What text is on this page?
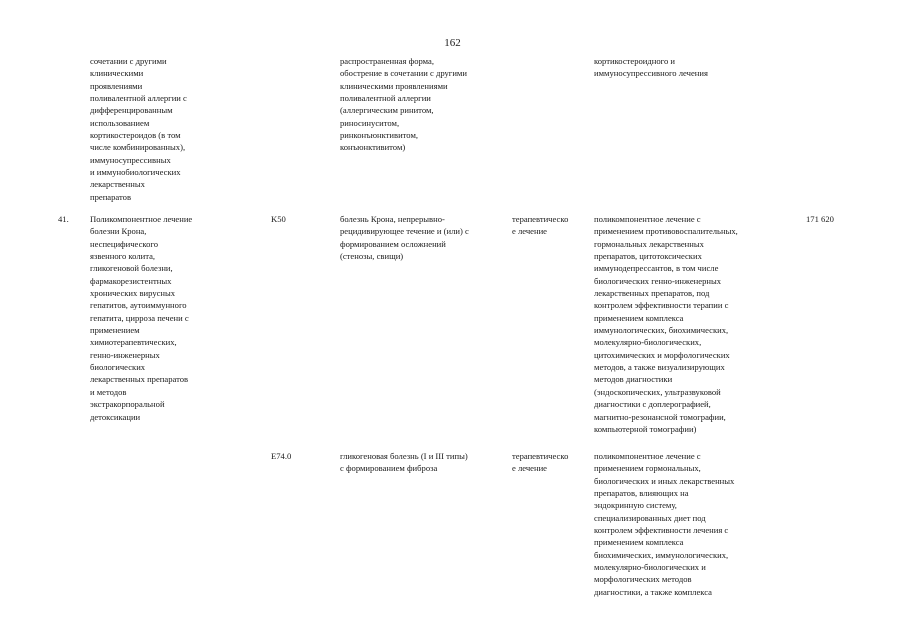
162
сочетании с другими
клиническими
проявлениями
поливалентной аллергии с
дифференцированным
использованием
кортикостероидов (в том
числе комбинированных),
иммуносупрессивных
и иммунобиологических
лекарственных
препаратов
распространенная форма,
обострение в сочетании с другими
клиническими проявлениями
поливалентной аллергии
(аллергическим ринитом,
риносинуситом,
ринконъюнктивитом,
конъюнктивитом)
кортикостероидного и
иммуносупрессивного лечения
41. Поликомпонентное лечение
болезни Крона,
неспецифического
язвенного колита,
гликогеновой болезни,
фармакорезистентных
хронических вирусных
гепатитов, аутоиммунного
гепатита, цирроза печени с
применением
химиотерапевтических,
генно-инженерных
биологических
лекарственных препаратов
и методов
экстракорпоральной
детоксикации
K50	болезнь Крона, непрерывно-
рецидивирующее течение и (или) с
формированием осложнений
(стенозы, свищи)
терапевтическо
е лечение
поликомпонентное лечение с
применением противовоспалительных,
гормональных лекарственных
препаратов, цитотоксических
иммунодепрессантов, в том числе
биологических генно-инженерных
лекарственных препаратов, под
контролем эффективности терапии с
применением комплекса
иммунологических, биохимических,
молекулярно-биологических,
цитохимических и морфологических
методов, а также визуализирующих
методов диагностики
(эндоскопических, ультразвуковой
диагностики с доплерографией,
магнитно-резонансной томографии,
компьютерной томографии)
171 620
E74.0	гликогеновая болезнь (I и III типы)
с формированием фиброза
терапевтическо
е лечение
поликомпонентное лечение с
применением гормональных,
биологических и иных лекарственных
препаратов, влияющих на
эндокринную систему,
специализированных диет под
контролем эффективности лечения с
применением комплекса
биохимических, иммунологических,
молекулярно-биологических и
морфологических методов
диагностики, а также комплекса
